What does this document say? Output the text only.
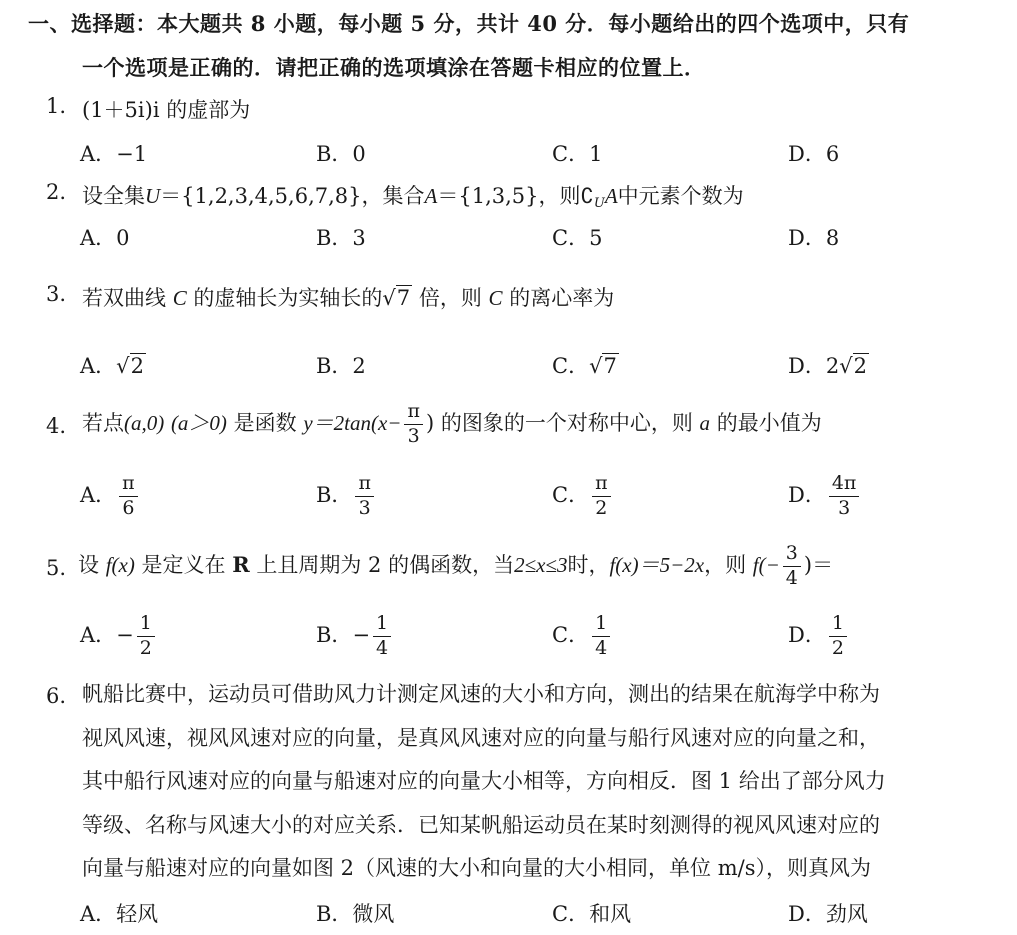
一、选择题：本大题共 8 小题，每小题 5 分，共计 40 分．每小题给出的四个选项中，只有
一个选项是正确的．请把正确的选项填涂在答题卡相应的位置上．
1. (1＋5i)i 的虚部为
A．−1	B．0	C．1	D．6
2. 设全集U＝{1,2,3,4,5,6,7,8}，集合A＝{1,3,5}，则$∁_UA$中元素个数为
A．0	B．3	C．5	D．8
3. 若双曲线 C 的虚轴长为实轴长的√7 倍，则 C 的离心率为
A．√2	B．2	C．√7	D．2√2
4. 若点(a,0) (a＞0) 是函数 $y=2\tan(x- \frac{\pi}{3}$ ) 的图象的一个对称中心，则 a 的最小值为
A． $\frac{\pi}{6}$	B． $\frac{\pi}{3}$	C． $\frac{\pi}{2}$	D． $\frac{4\pi}{3}$
5. 设 f(x) 是定义在 R 上且周期为 2 的偶函数，当2≤x≤3时，f(x)＝5−2x，则 $f(- \frac{3}{4}$ )＝
A．− $\frac{1}{2}$	B．− $\frac{1}{4}$	C． $\frac{1}{4}$	D． $\frac{1}{2}$
6. 帆船比赛中，运动员可借助风力计测定风速的大小和方向，测出的结果在航海学中称为
视风风速，视风风速对应的向量，是真风风速对应的向量与船行风速对应的向量之和，
其中船行风速对应的向量与船速对应的向量大小相等，方向相反．图 1 给出了部分风力
等级、名称与风速大小的对应关系．已知某帆船运动员在某时刻测得的视风风速对应的
向量与船速对应的向量如图 2（风速的大小和向量的大小相同，单位 m/s），则真风为
A．轻风	B．微风	C．和风	D．劲风
